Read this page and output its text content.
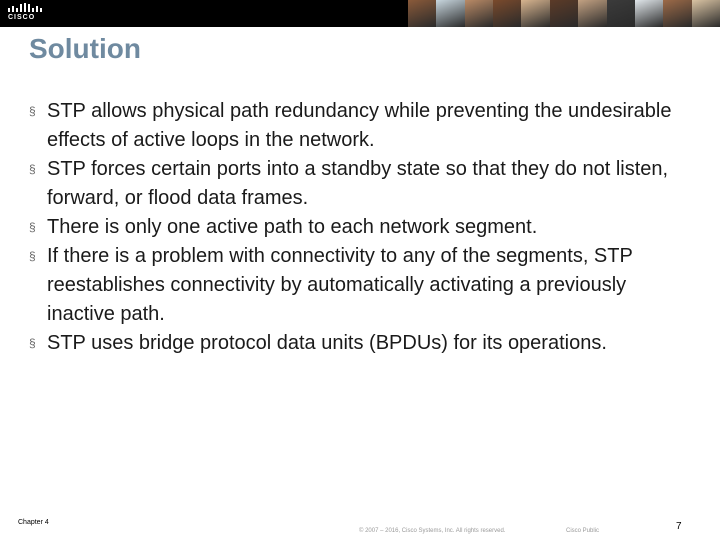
CISCO
Solution
§ STP allows physical path redundancy while preventing the undesirable effects of active loops in the network.
§ STP forces certain ports into a standby state so that they do not listen, forward, or flood data frames.
§ There is only one active path to each network segment.
§ If there is a problem with connectivity to any of the segments, STP reestablishes connectivity by automatically activating a previously inactive path.
§ STP uses bridge protocol data units (BPDUs) for its operations.
Chapter 4
© 2007 – 2016, Cisco Systems, Inc. All rights reserved.	Cisco Public	7
